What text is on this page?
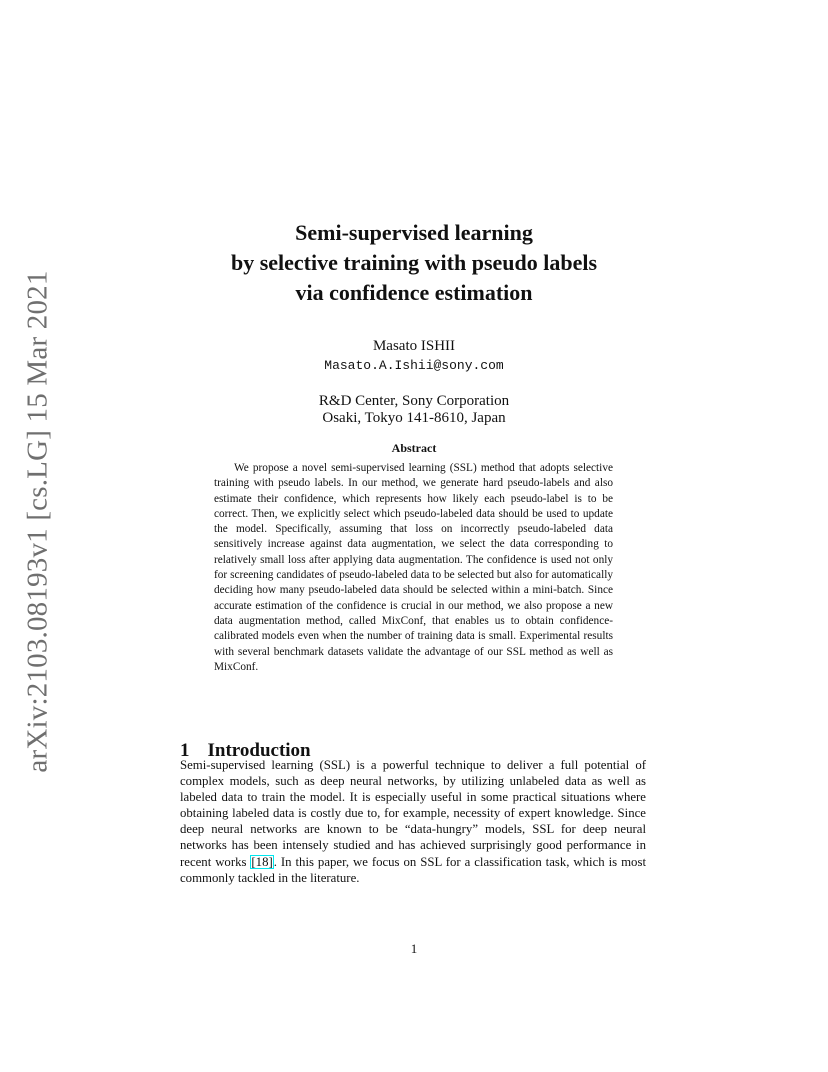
arXiv:2103.08193v1 [cs.LG] 15 Mar 2021
Semi-supervised learning
by selective training with pseudo labels
via confidence estimation
Masato ISHII
Masato.A.Ishii@sony.com
R&D Center, Sony Corporation
Osaki, Tokyo 141-8610, Japan
Abstract

We propose a novel semi-supervised learning (SSL) method that adopts selective training with pseudo labels. In our method, we generate hard pseudo-labels and also estimate their confidence, which represents how likely each pseudo-label is to be correct. Then, we explicitly select which pseudo-labeled data should be used to update the model. Specifically, assuming that loss on incorrectly pseudo-labeled data sensitively increase against data augmentation, we select the data corresponding to relatively small loss after applying data augmentation. The confidence is used not only for screening candidates of pseudo-labeled data to be selected but also for automatically deciding how many pseudo-labeled data should be selected within a mini-batch. Since accurate estimation of the confidence is crucial in our method, we also propose a new data augmentation method, called MixConf, that enables us to obtain confidence-calibrated models even when the number of training data is small. Experimental results with several benchmark datasets validate the advantage of our SSL method as well as MixConf.

1 Introduction

Semi-supervised learning (SSL) is a powerful technique to deliver a full potential of complex models, such as deep neural networks, by utilizing unlabeled data as well as labeled data to train the model. It is especially useful in some practical situations where obtaining labeled data is costly due to, for example, necessity of expert knowledge. Since deep neural networks are known to be “data-hungry” models, SSL for deep neural networks has been intensely studied and has achieved surprisingly good performance in recent works [18]. In this paper, we focus on SSL for a classification task, which is most commonly tackled in the literature.

1
